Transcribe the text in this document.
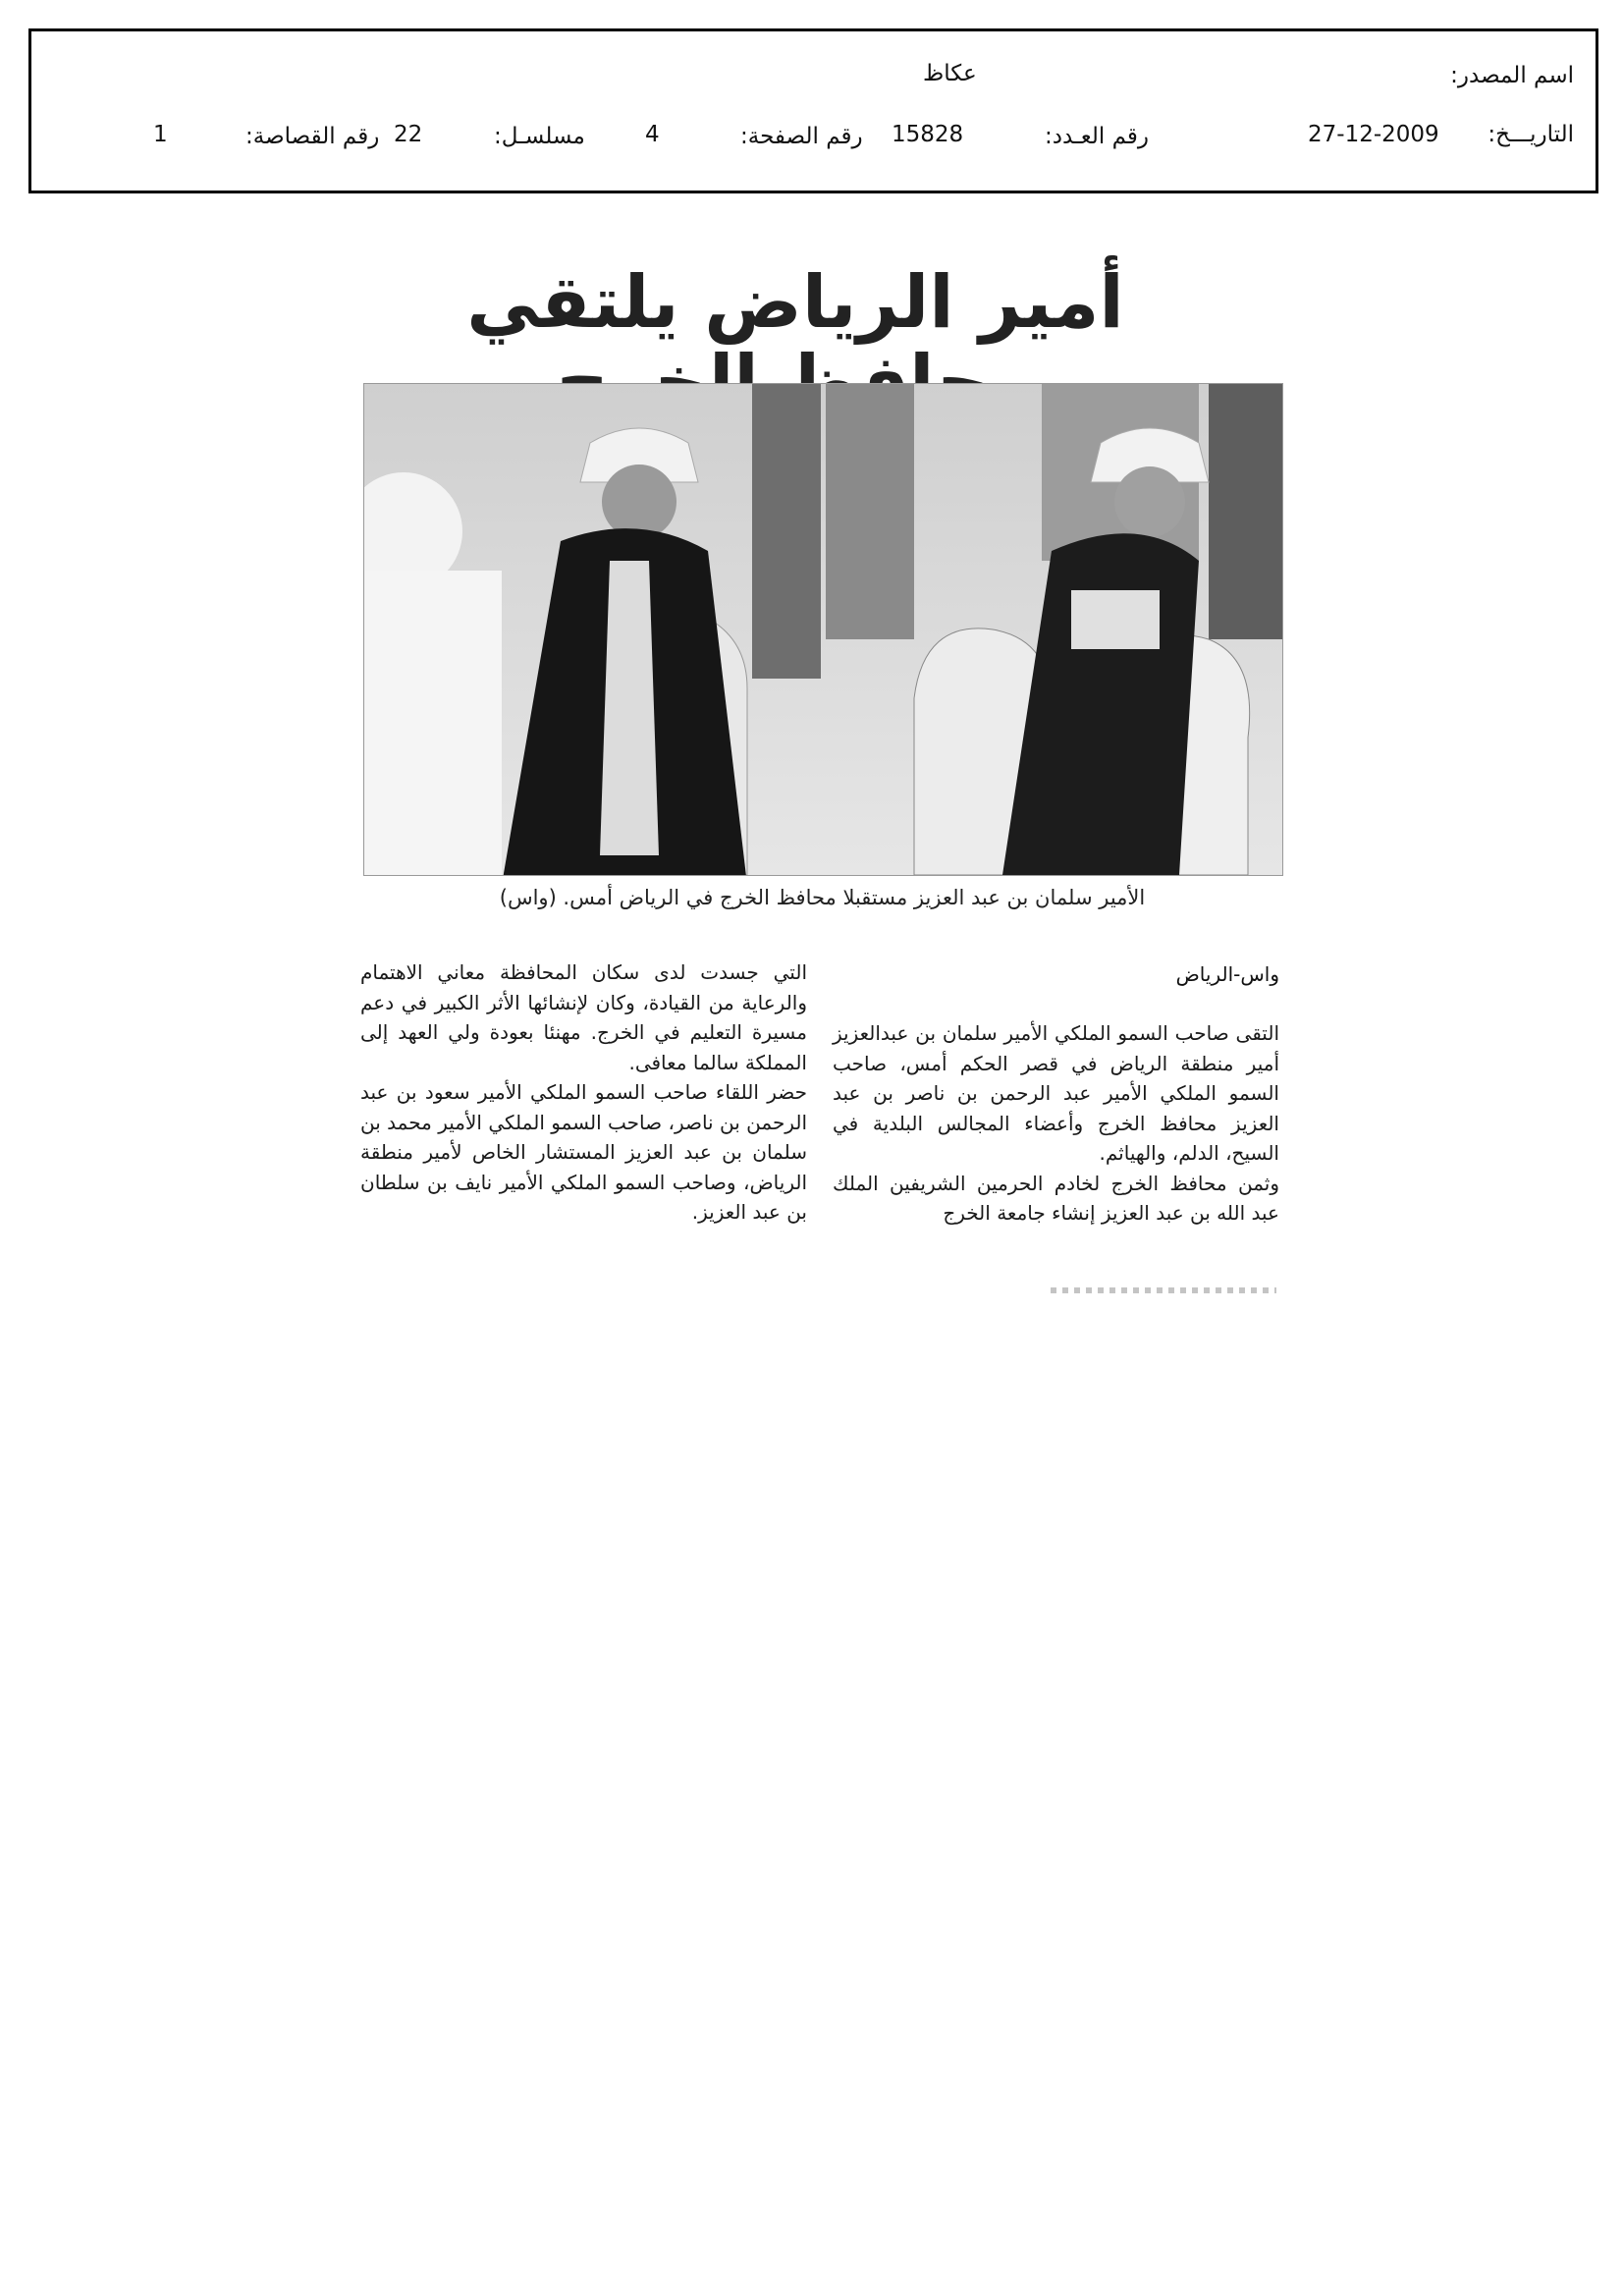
اسم المصدر:
عكاظ
التاريـــخ:
27-12-2009
رقم العـدد:
15828
رقم الصفحة:
4
مسلسـل:
22
رقم القصاصة:
1
أمير الرياض يلتقي
الأمير سلمان بن عبد العزيز مستقبلا محافظ الخرج في الرياض أمس. (واس)
واس-الرياض

التقى صاحب السمو الملكي الأمير سلمان بن عبدالعزيز أمير منطقة الرياض في قصر الحكم أمس، صاحب السمو الملكي الأمير عبد الرحمن بن ناصر بن عبد العزيز محافظ الخرج وأعضاء المجالس البلدية في السيح، الدلم، والهياثم.

وثمن محافظ الخرج لخادم الحرمين الشريفين الملك عبد الله بن عبد العزيز إنشاء جامعة الخرج

التي جسدت لدى سكان المحافظة معاني الاهتمام والرعاية من القيادة، وكان لإنشائها الأثر الكبير في دعم مسيرة التعليم في الخرج. مهنئا بعودة ولي العهد إلى المملكة سالما معافى.

حضر اللقاء صاحب السمو الملكي الأمير سعود بن عبد الرحمن بن ناصر، صاحب السمو الملكي الأمير محمد بن سلمان بن عبد العزيز المستشار الخاص لأمير منطقة الرياض، وصاحب السمو الملكي الأمير نايف بن سلطان بن عبد العزيز.
